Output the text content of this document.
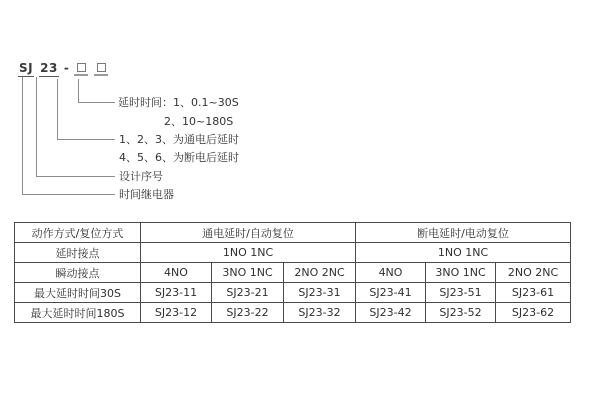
SJ 23 -
延时时间：1、0.1~30S
2、10~180S
1、2、3、为通电后延时
4、5、6、为断电后延时
设计序号
时间继电器
动作方式/复位方式	通电延时/自动复位			断电延时/电动复位		
延时接点	1NO 1NC			1NO 1NC		
瞬动接点	4NO	3NO 1NC	2NO 2NC	4NO	3NO 1NC	2NO 2NC
最大延时时间30S	SJ23-11	SJ23-21	SJ23-31	SJ23-41	SJ23-51	SJ23-61
最大延时时间180S	SJ23-12	SJ23-22	SJ23-32	SJ23-42	SJ23-52	SJ23-62
